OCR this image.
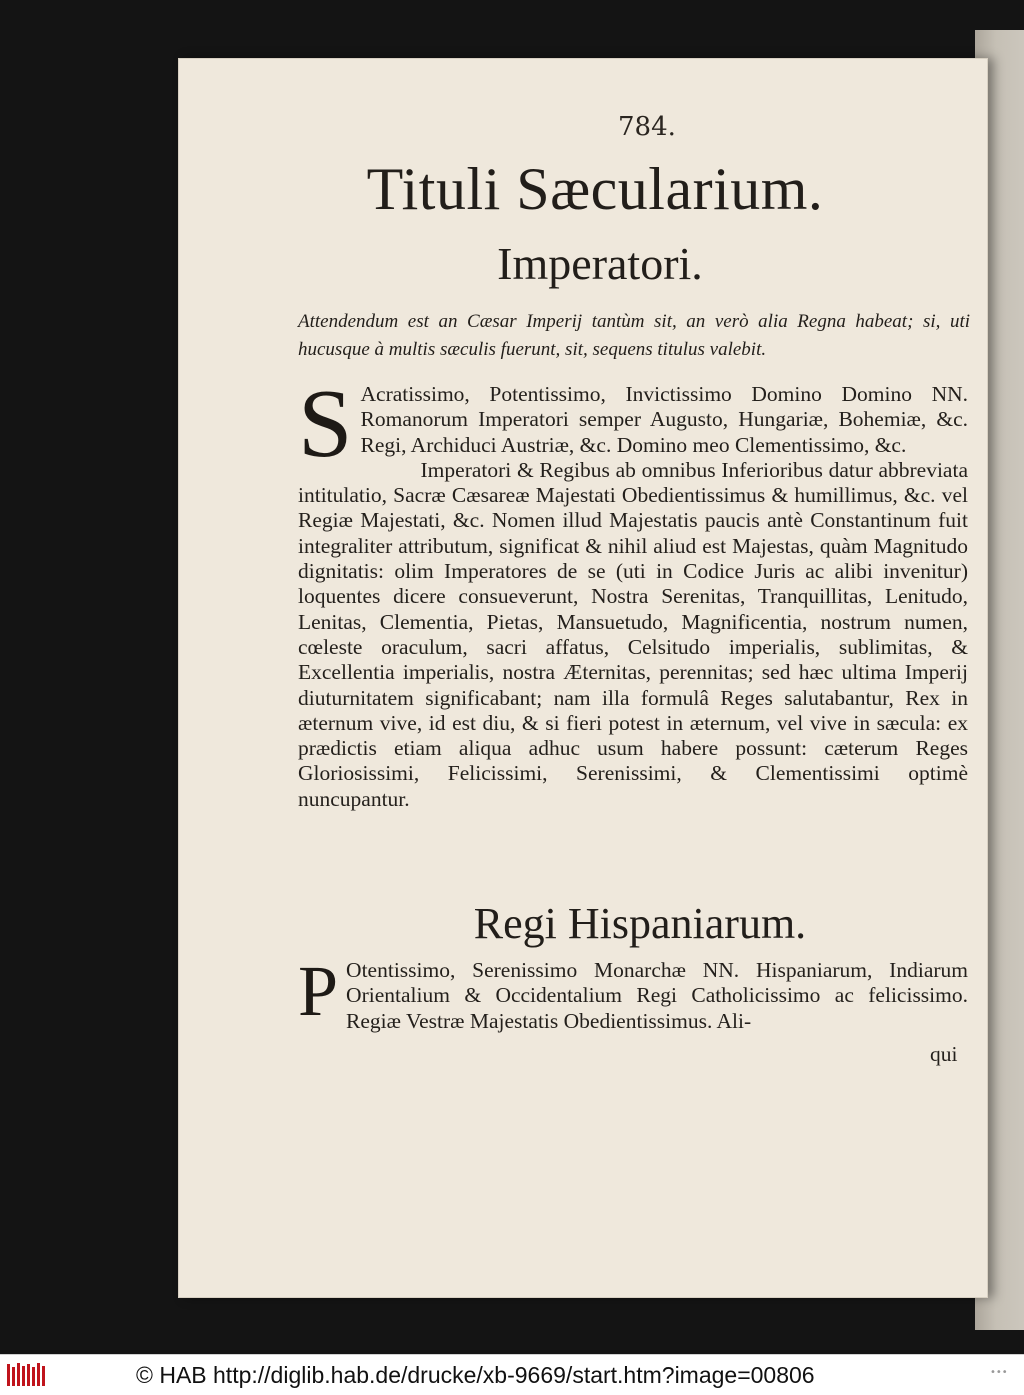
784.
Tituli Sæcularium.
Imperatori.
Attendendum est an Cæsar Imperij tantùm sit, an verò alia Regna habeat; si, uti hucusque à multis sæculis fuerunt, sit, sequens titulus valebit.
S Acratissimo, Potentissimo, Invictissimo Domino Domino NN. Romanorum Imperatori semper Augusto, Hungariæ, Bohemiæ, &c. Regi, Archiduci Austriæ, &c. Domino meo Clementissimo, &c.
Imperatori & Regibus ab omnibus Inferioribus datur abbreviata intitulatio, Sacræ Cæsareæ Majestati Obedientissimus & humillimus, &c. vel Regiæ Majestati, &c. Nomen illud Majestatis paucis antè Constantinum fuit integraliter attributum, significat & nihil aliud est Majestas, quàm Magnitudo dignitatis: olim Imperatores de se (uti in Codice Juris ac alibi invenitur) loquentes dicere consueverunt, Nostra Serenitas, Tranquillitas, Lenitudo, Lenitas, Clementia, Pietas, Mansuetudo, Magnificentia, nostrum numen, cœleste oraculum, sacri affatus, Celsitudo imperialis, sublimitas, & Excellentia imperialis, nostra Æternitas, perennitas; sed hæc ultima Imperij diuturnitatem significabant; nam illa formulâ Reges salutabantur, Rex in æternum vive, id est diu, & si fieri potest in æternum, vel vive in sæcula: ex prædictis etiam aliqua adhuc usum habere possunt: cæterum Reges Gloriosissimi, Felicissimi, Serenissimi, & Clementissimi optimè nuncupantur.
Regi Hispaniarum.
P Otentissimo, Serenissimo Monarchæ NN. Hispaniarum, Indiarum Orientalium & Occidentalium Regi Catholicissimo ac felicissimo. Regiæ Vestræ Majestatis Obedientissimus. Ali-
qui
© HAB http://diglib.hab.de/drucke/xb-9669/start.htm?image=00806	•••
